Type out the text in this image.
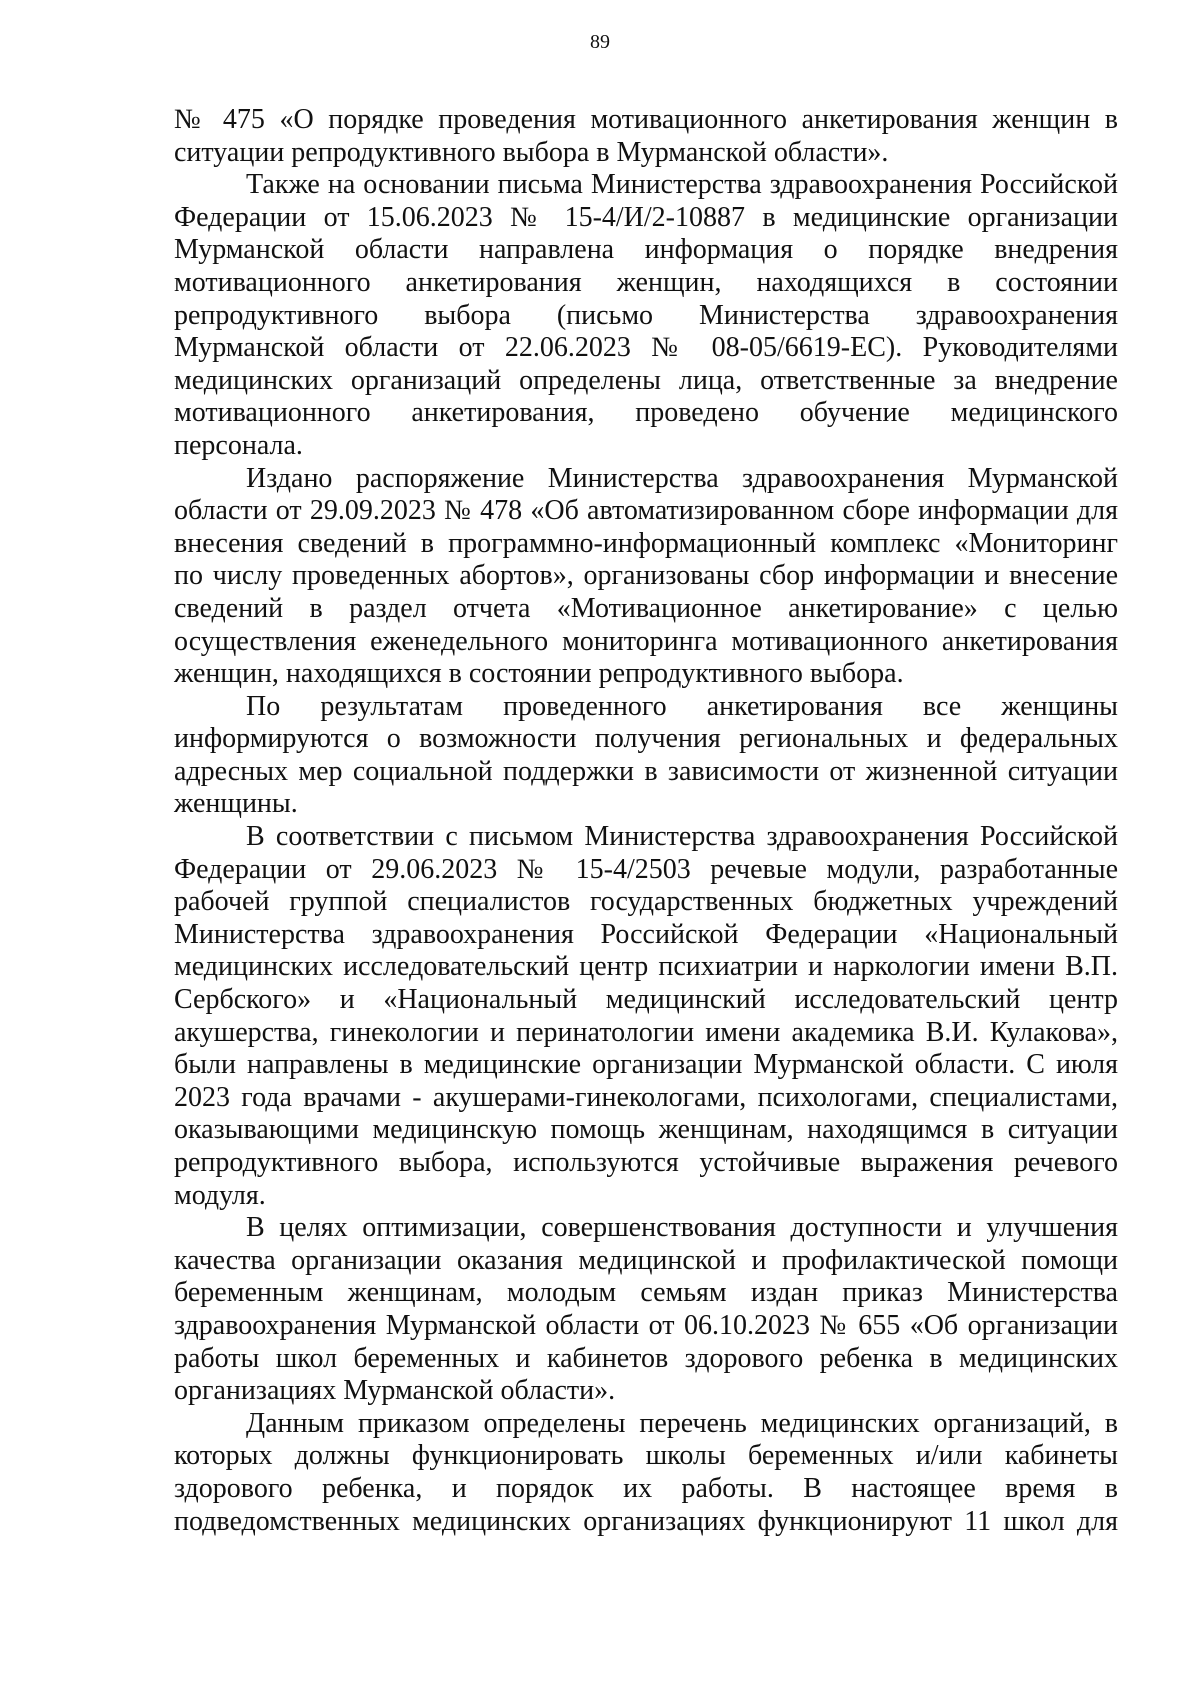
89

№ 475 «О порядке проведения мотивационного анкетирования женщин в
ситуации репродуктивного выбора в Мурманской области».

Также на основании письма Министерства здравоохранения Российской
Федерации от 15.06.2023 № 15-4/И/2-10887 в медицинские организации
Мурманской области направлена информация о порядке внедрения
мотивационного анкетирования женщин, находящихся в состоянии
репродуктивного выбора (письмо Министерства здравоохранения
Мурманской области от 22.06.2023 № 08-05/6619-ЕС). Руководителями
медицинских организаций определены лица, ответственные за внедрение
мотивационного анкетирования, проведено обучение медицинского
персонала.

Издано распоряжение Министерства здравоохранения Мурманской
области от 29.09.2023 № 478 «Об автоматизированном сборе информации для
внесения сведений в программно-информационный комплекс «Мониторинг
по числу проведенных абортов», организованы сбор информации и внесение
сведений в раздел отчета «Мотивационное анкетирование» с целью
осуществления еженедельного мониторинга мотивационного анкетирования
женщин, находящихся в состоянии репродуктивного выбора.

По результатам проведенного анкетирования все женщины
информируются о возможности получения региональных и федеральных
адресных мер социальной поддержки в зависимости от жизненной ситуации
женщины.

В соответствии с письмом Министерства здравоохранения Российской
Федерации от 29.06.2023 № 15-4/2503 речевые модули, разработанные
рабочей группой специалистов государственных бюджетных учреждений
Министерства здравоохранения Российской Федерации «Национальный
медицинских исследовательский центр психиатрии и наркологии имени В.П.
Сербского» и «Национальный медицинский исследовательский центр
акушерства, гинекологии и перинатологии имени академика В.И. Кулакова»,
были направлены в медицинские организации Мурманской области. С июля
2023 года врачами - акушерами-гинекологами, психологами, специалистами,
оказывающими медицинскую помощь женщинам, находящимся в ситуации
репродуктивного выбора, используются устойчивые выражения речевого
модуля.

В целях оптимизации, совершенствования доступности и улучшения
качества организации оказания медицинской и профилактической помощи
беременным женщинам, молодым семьям издан приказ Министерства
здравоохранения Мурманской области от 06.10.2023 № 655 «Об организации
работы школ беременных и кабинетов здорового ребенка в медицинских
организациях Мурманской области».

Данным приказом определены перечень медицинских организаций, в
которых должны функционировать школы беременных и/или кабинеты
здорового ребенка, и порядок их работы. В настоящее время в
подведомственных медицинских организациях функционируют 11 школ для
